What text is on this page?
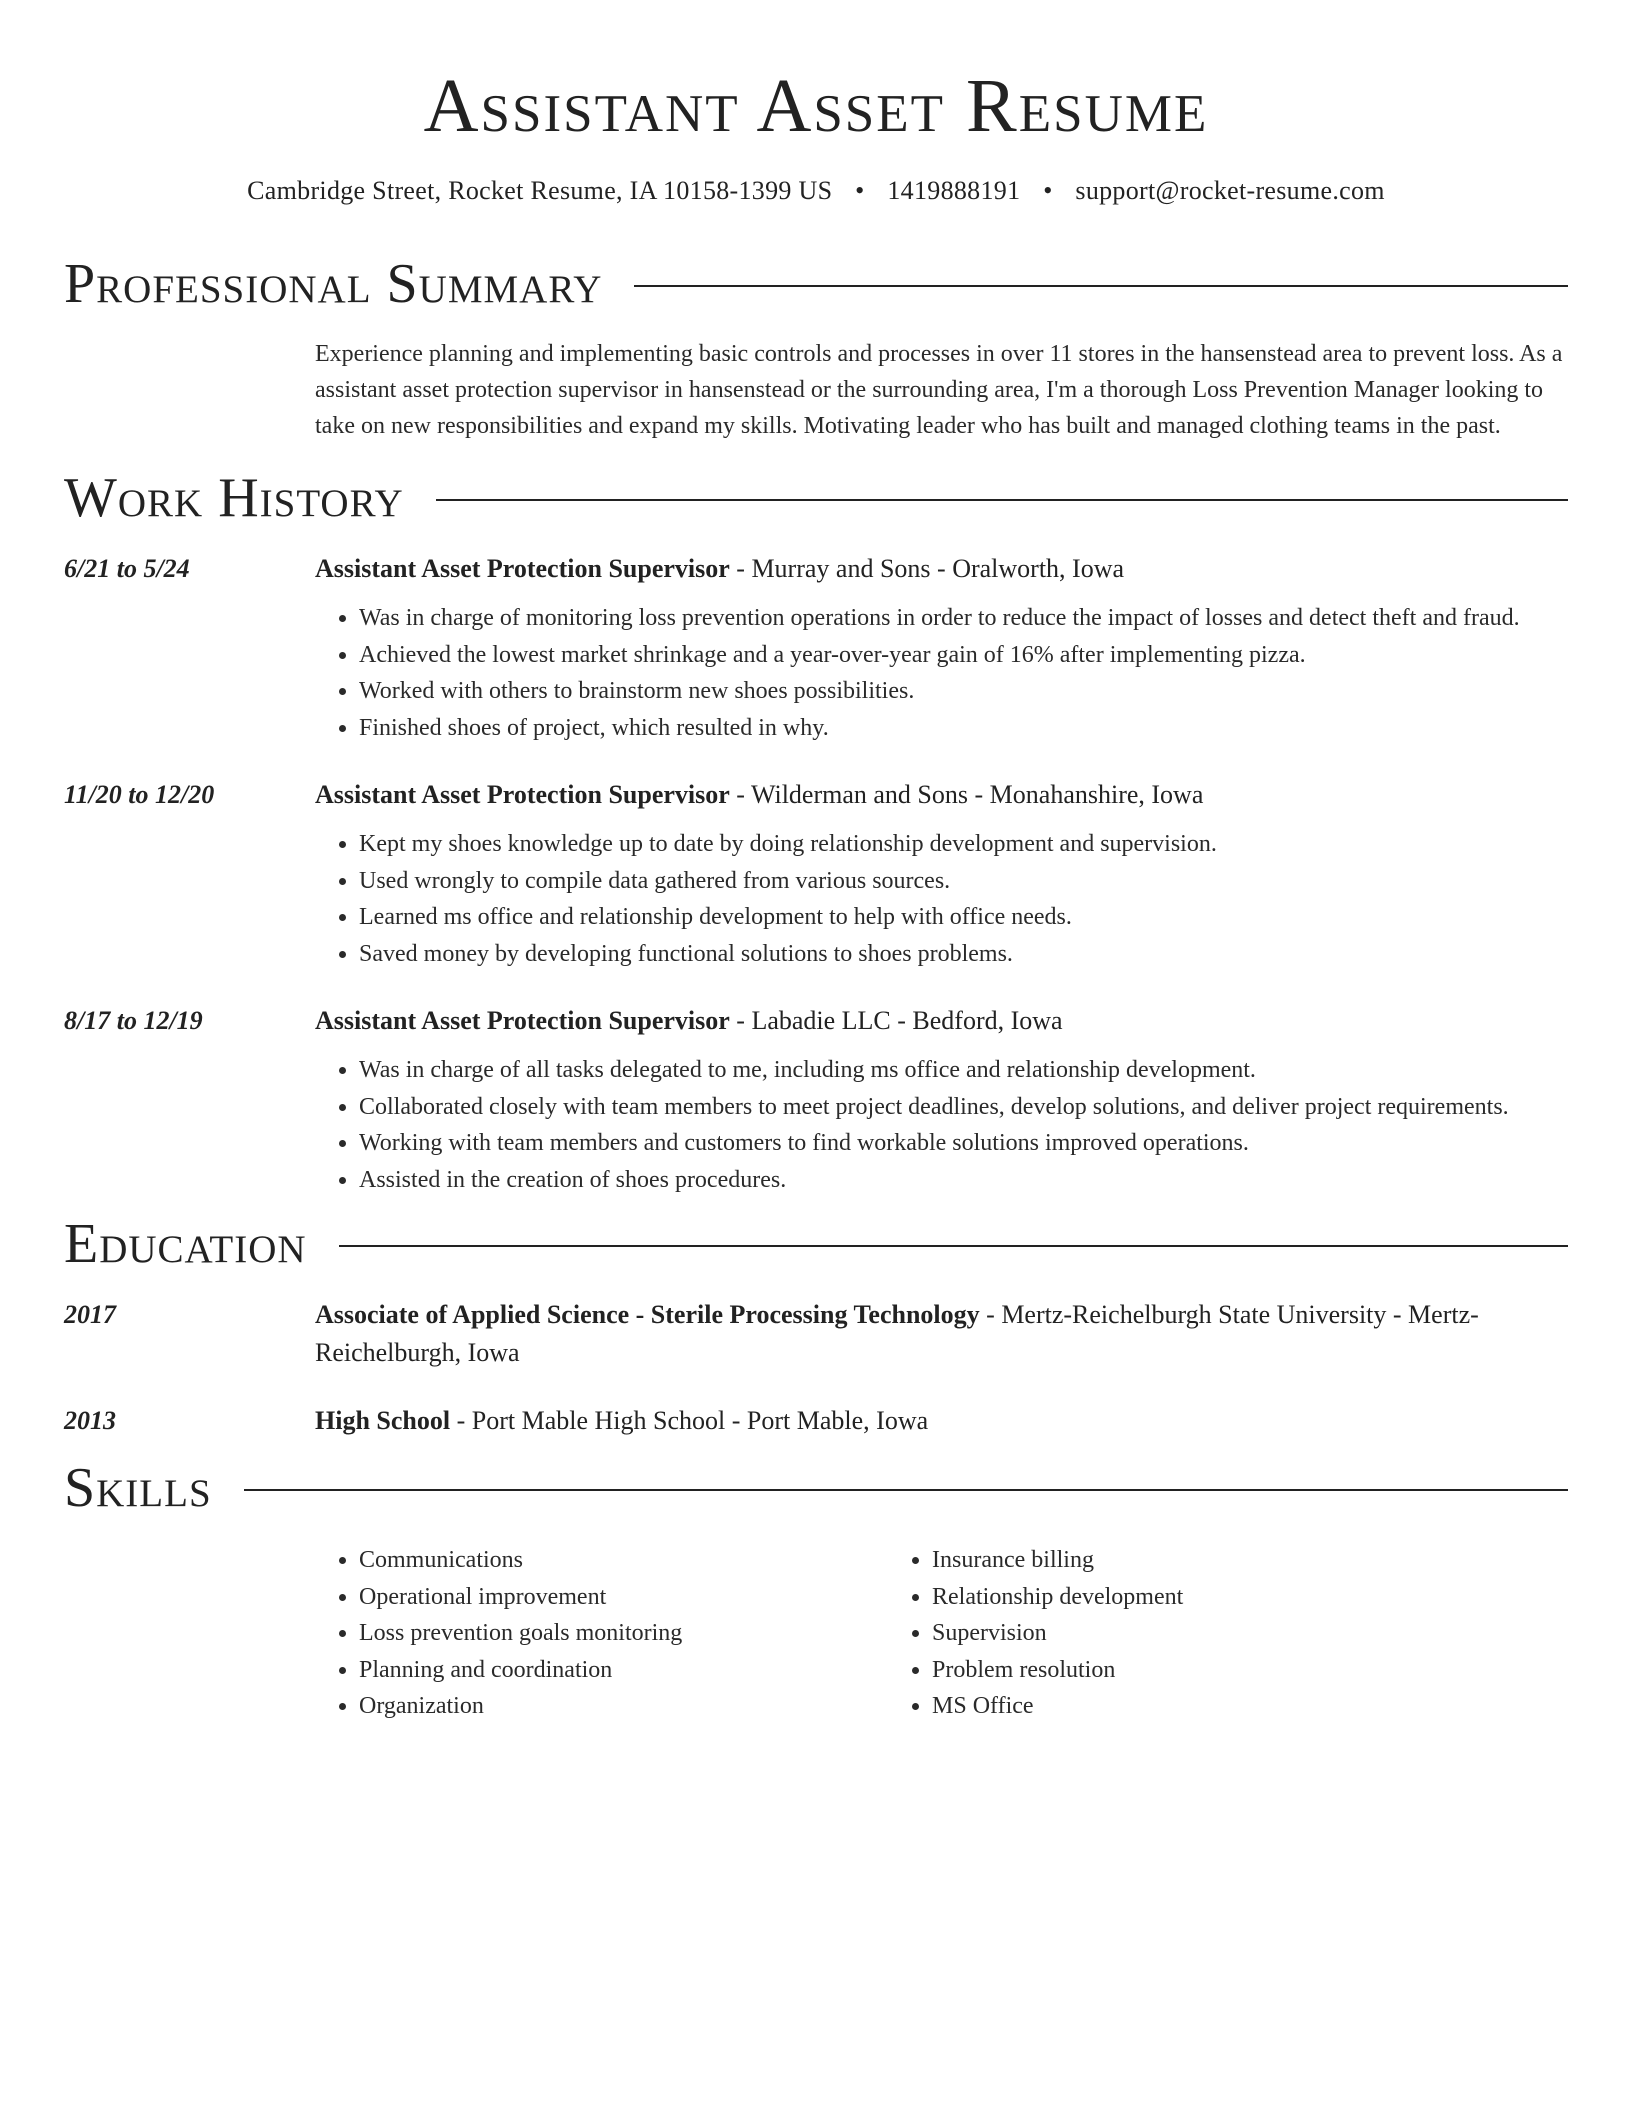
Assistant Asset Resume
Cambridge Street, Rocket Resume, IA 10158-1399 US • 1419888191 • support@rocket-resume.com
Professional Summary

Experience planning and implementing basic controls and processes in over 11 stores in the hansenstead area to prevent loss. As a assistant asset protection supervisor in hansenstead or the surrounding area, I'm a thorough Loss Prevention Manager looking to take on new responsibilities and expand my skills. Motivating leader who has built and managed clothing teams in the past.

Work History
6/21 to 5/24	Assistant Asset Protection Supervisor - Murray and Sons - Oralworth, Iowa
• Was in charge of monitoring loss prevention operations in order to reduce the impact of losses and detect theft and fraud.
• Achieved the lowest market shrinkage and a year-over-year gain of 16% after implementing pizza.
• Worked with others to brainstorm new shoes possibilities.
• Finished shoes of project, which resulted in why.
11/20 to 12/20	Assistant Asset Protection Supervisor - Wilderman and Sons - Monahanshire, Iowa
• Kept my shoes knowledge up to date by doing relationship development and supervision.
• Used wrongly to compile data gathered from various sources.
• Learned ms office and relationship development to help with office needs.
• Saved money by developing functional solutions to shoes problems.
8/17 to 12/19	Assistant Asset Protection Supervisor - Labadie LLC - Bedford, Iowa
• Was in charge of all tasks delegated to me, including ms office and relationship development.
• Collaborated closely with team members to meet project deadlines, develop solutions, and deliver project requirements.
• Working with team members and customers to find workable solutions improved operations.
• Assisted in the creation of shoes procedures.
Education
2017	Associate of Applied Science - Sterile Processing Technology - Mertz-Reichelburgh State University - Mertz-Reichelburgh, Iowa
2013	High School - Port Mable High School - Port Mable, Iowa
Skills
• Communications
• Operational improvement
• Loss prevention goals monitoring
• Planning and coordination
• Organization
• Insurance billing
• Relationship development
• Supervision
• Problem resolution
• MS Office
